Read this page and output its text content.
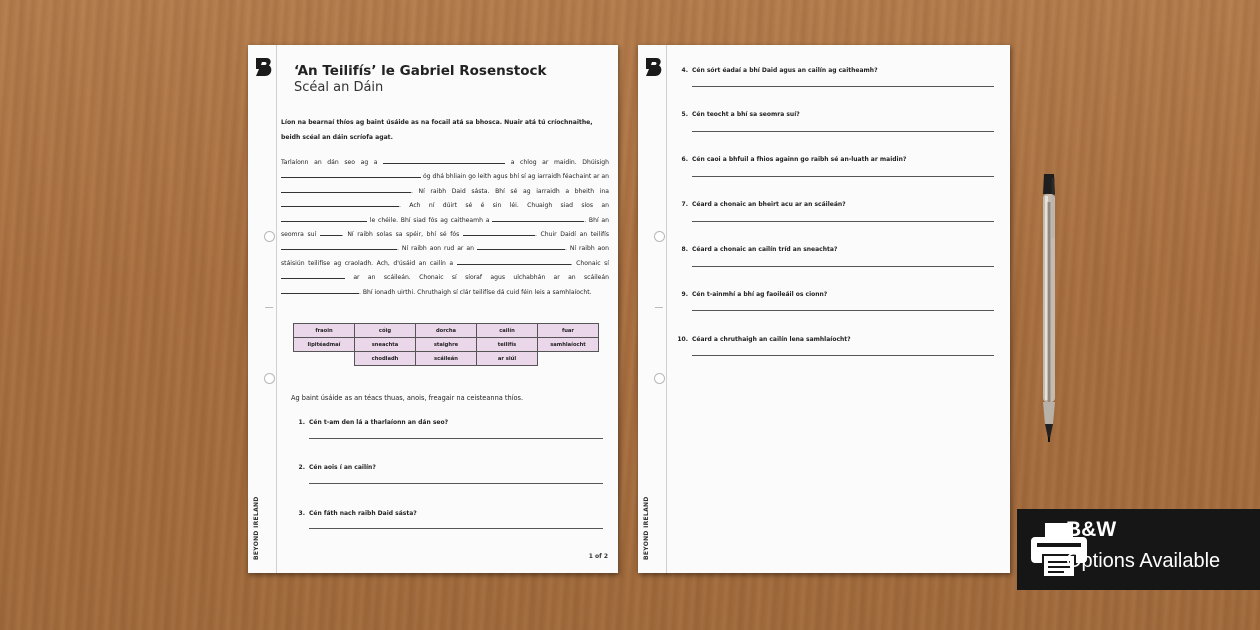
BEYOND IRELAND
‘An Teilifís’ le Gabriel Rosenstock
Scéal an Dáin
Líon na bearnaí thíos ag baint úsáide as na focail atá sa bhosca. Nuair atá tú críochnaithe, beidh scéal an dáin scríofa agat.
Tarlaíonn an dán seo ag a	a chlog ar maidin. Dhúisigh  óg dhá bhliain go leith agus bhí sí ag iarraidh féachaint ar an . Ní raibh Daid sásta. Bhí sé ag iarraidh a bheith ina . Ach ní dúirt sé é sin léi. Chuaigh siad síos an  le chéile. Bhí siad fós ag caitheamh a	. Bhí an seomra suí	. Ní raibh solas sa spéir, bhí sé fós	. Chuir Daidí an teilifís . Ní raibh aon rud ar an	. Ní raibh aon stáisiún teilifíse ag craoladh. Ach, d'úsáid an cailín a	. Chonaic sí  ar an scáileán. Chonaic sí síoraf agus ulchabhán ar an scáileán . Bhí ionadh uirthi. Chruthaigh sí clár teilifíse dá cuid féin leis a samhlaíocht.
fraoin	cóig	dorcha	cailín	fuar
lipitéadmaí	sneachta	staighre	teilifís	samhlaíocht
	chodladh	scáileán	ar siúl	
Ag baint úsáide as an téacs thuas, anois, freagair na ceisteanna thíos.
1. Cén t-am den lá a tharlaíonn an dán seo?
2. Cén aois í an cailín?
3. Cén fáth nach raibh Daid sásta?
1 of 2	BEYOND IRELAND
4. Cén sórt éadaí a bhí Daid agus an cailín ag caitheamh?
5. Cén teocht a bhí sa seomra suí?
6. Cén caoi a bhfuil a fhios againn go raibh sé an-luath ar maidin?
7. Céard a chonaic an bheirt acu ar an scáileán?
8. Céard a chonaic an cailín tríd an sneachta?
9. Cén t-ainmhí a bhí ag faoileáil os cionn?
10. Céard a chruthaigh an cailín lena samhlaíocht?
B&W
Options Available
